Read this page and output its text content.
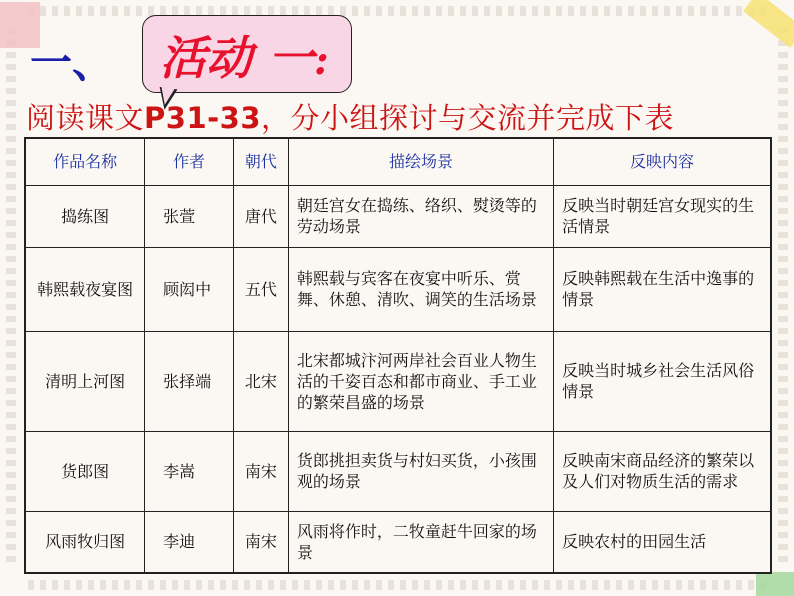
一、 活动 一:
阅读课文P31-33，分小组探讨与交流并完成下表
作品名称	作者	朝代	描绘场景	反映内容
捣练图	张萱	唐代	朝廷宫女在捣练、络织、熨烫等的劳动场景	反映当时朝廷宫女现实的生活情景
韩熙载夜宴图	顾闳中	五代	韩熙载与宾客在夜宴中听乐、赏舞、休憩、清吹、调笑的生活场景	反映韩熙载在生活中逸事的情景
清明上河图	张择端	北宋	北宋都城汴河两岸社会百业人物生活的千姿百态和都市商业、手工业的繁荣昌盛的场景	反映当时城乡社会生活风俗情景
货郎图	李嵩	南宋	货郎挑担卖货与村妇买货，小孩围观的场景	反映南宋商品经济的繁荣以及人们对物质生活的需求
风雨牧归图	李迪	南宋	风雨将作时，二牧童赶牛回家的场景	反映农村的田园生活
